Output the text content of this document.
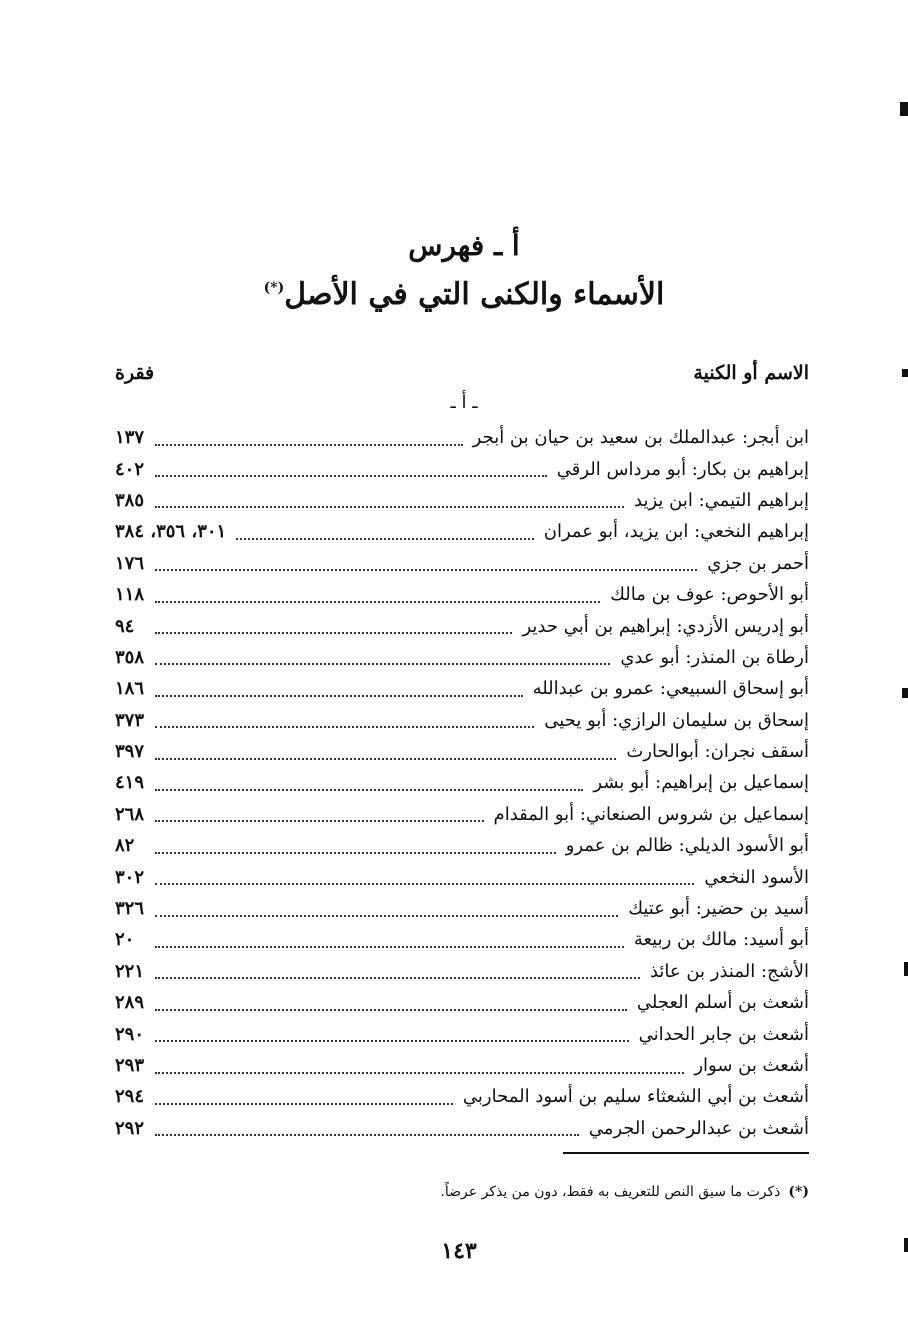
أ ـ فهرس
الأسماء والكنى التي في الأصل(*)
الاسم أو الكنية
فقرة
ـ أ ـ
ابن أبجر: عبدالملك بن سعيد بن حيان بن أبجر
١٣٧
إبراهيم بن بكار: أبو مرداس الرقي
٤٠٢
إبراهيم التيمي: ابن يزيد
٣٨٥
إبراهيم النخعي: ابن يزيد، أبو عمران
٣٠١، ٣٥٦، ٣٨٤
أحمر بن جزي
١٧٦
أبو الأحوص: عوف بن مالك
١١٨
أبو إدريس الأزدي: إبراهيم بن أبي حدير
٩٤
أرطاة بن المنذر: أبو عدي
٣٥٨
أبو إسحاق السبيعي: عمرو بن عبدالله
١٨٦
إسحاق بن سليمان الرازي: أبو يحيى
٣٧٣
أسقف نجران: أبوالحارث
٣٩٧
إسماعيل بن إبراهيم: أبو بشر
٤١٩
إسماعيل بن شروس الصنعاني: أبو المقدام
٢٦٨
أبو الأسود الديلي: ظالم بن عمرو
٨٢
الأسود النخعي
٣٠٢
أسيد بن حضير: أبو عتيك
٣٢٦
أبو أسيد: مالك بن ربيعة
٢٠
الأشج: المنذر بن عائذ
٢٢١
أشعث بن أسلم العجلي
٢٨٩
أشعث بن جابر الحداني
٢٩٠
أشعث بن سوار
٢٩٣
أشعث بن أبي الشعثاء سليم بن أسود المحاربي
٢٩٤
أشعث بن عبدالرحمن الجرمي
٢٩٢
(*)ذكرت ما سيق النص للتعريف به فقط، دون من يذكر عرضاً.
١٤٣
